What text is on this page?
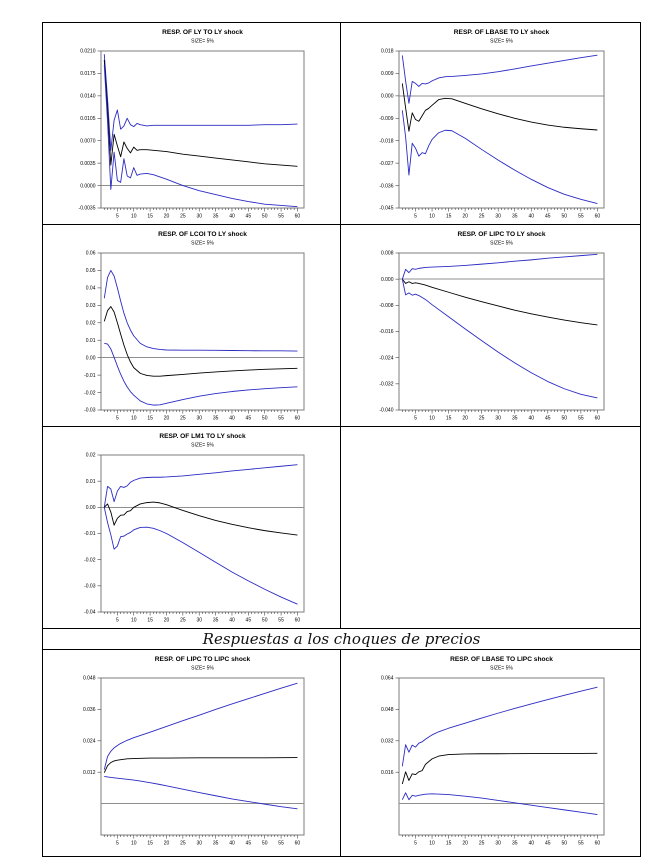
RESP. OF LY TO LY shock
SIZE= 5%
0.0210
0.0175
0.0140
0.0105
0.0070
0.0035
0.0000
-0.0035
5 10 15 20 25 30 35 40 45 50 55 60
RESP. OF LBASE TO LY shock
SIZE= 5%
0.018
0.009
0.000
-0.009
-0.018
-0.027
-0.036
-0.045
5 10 15 20 25 30 35 40 45 50 55 60
RESP. OF LCOI TO LY shock
SIZE= 5%
0.06
0.05
0.04
0.03
0.02
0.01
0.00
-0.01
-0.02
-0.03
5 10 15 20 25 30 35 40 45 50 55 60
RESP. OF LIPC TO LY shock
SIZE= 5%
0.008
0.000
-0.008
-0.016
-0.024
-0.032
-0.040
5 10 15 20 25 30 35 40 45 50 55 60
RESP. OF LM1 TO LY shock
SIZE= 5%
0.02
0.01
0.00
-0.01
-0.02
-0.03
-0.04
5 10 15 20 25 30 35 40 45 50 55 60
Respuestas a los choques de precios
RESP. OF LIPC TO LIPC shock
SIZE= 5%
0.048
0.036
0.024
0.012
5 10 15 20 25 30 35 40 45 50 55 60
RESP. OF LBASE TO LIPC shock
SIZE= 5%
0.064
0.048
0.032
0.016
5 10 15 20 25 30 35 40 45 50 55 60
